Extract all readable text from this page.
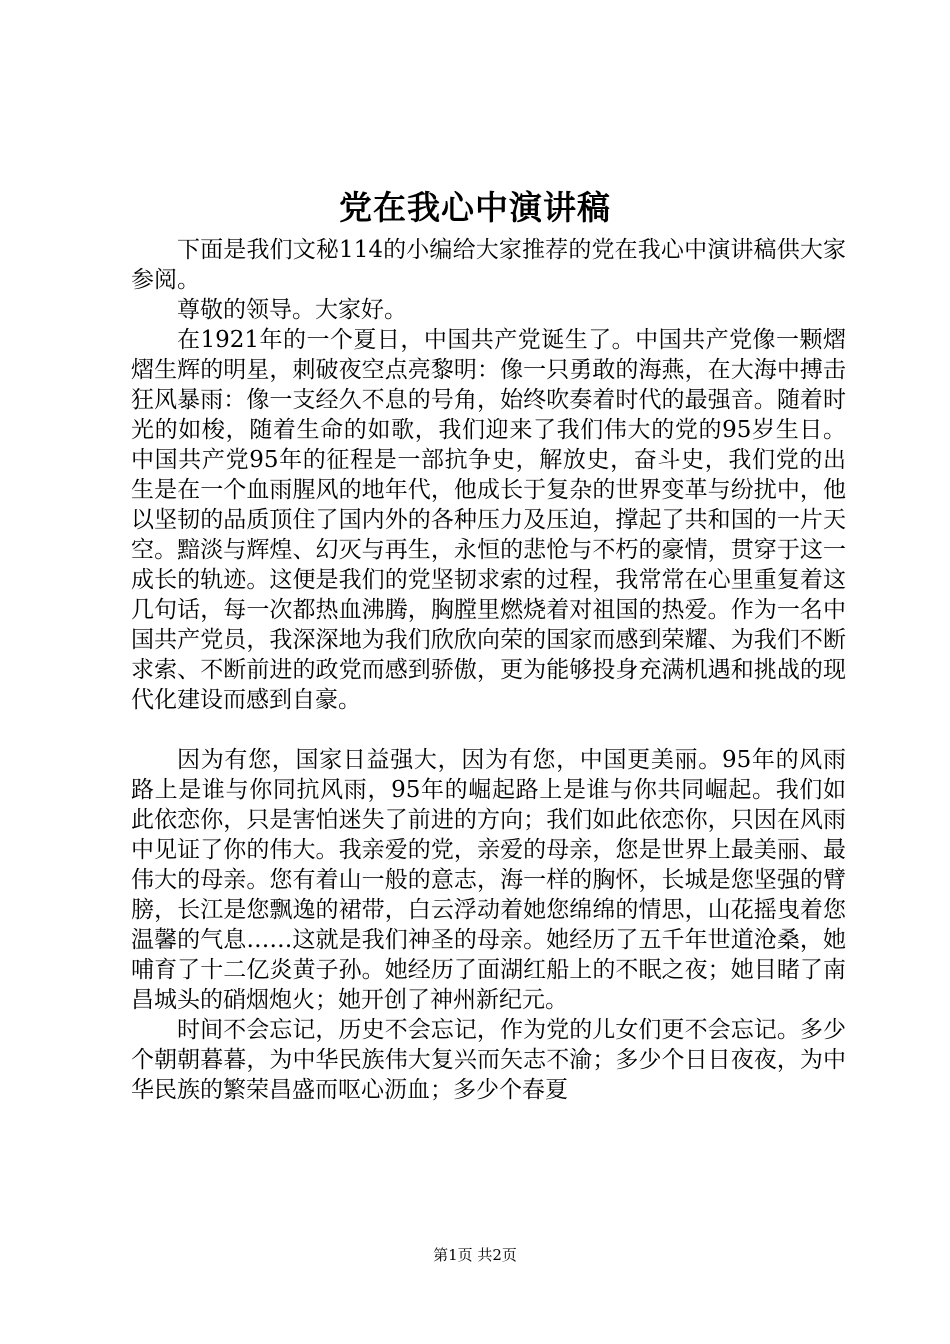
党在我心中演讲稿

下面是我们文秘114的小编给大家推荐的党在我心中演讲稿供大家参阅。

尊敬的领导。大家好。

在1921年的一个夏日，中国共产党诞生了。中国共产党像一颗熠熠生辉的明星，刺破夜空点亮黎明：像一只勇敢的海燕，在大海中搏击狂风暴雨：像一支经久不息的号角，始终吹奏着时代的最强音。随着时光的如梭，随着生命的如歌，我们迎来了我们伟大的党的95岁生日。中国共产党95年的征程是一部抗争史，解放史，奋斗史，我们党的出生是在一个血雨腥风的地年代，他成长于复杂的世界变革与纷扰中，他以坚韧的品质顶住了国内外的各种压力及压迫，撑起了共和国的一片天空。黯淡与辉煌、幻灭与再生，永恒的悲怆与不朽的豪情，贯穿于这一成长的轨迹。这便是我们的党坚韧求索的过程，我常常在心里重复着这几句话，每一次都热血沸腾，胸膛里燃烧着对祖国的热爱。作为一名中国共产党员，我深深地为我们欣欣向荣的国家而感到荣耀、为我们不断求索、不断前进的政党而感到骄傲，更为能够投身充满机遇和挑战的现代化建设而感到自豪。

因为有您，国家日益强大，因为有您，中国更美丽。95年的风雨路上是谁与你同抗风雨，95年的崛起路上是谁与你共同崛起。我们如此依恋你，只是害怕迷失了前进的方向；我们如此依恋你，只因在风雨中见证了你的伟大。我亲爱的党，亲爱的母亲，您是世界上最美丽、最伟大的母亲。您有着山一般的意志，海一样的胸怀，长城是您坚强的臂膀，长江是您飘逸的裙带，白云浮动着她您绵绵的情思，山花摇曳着您温馨的气息……这就是我们神圣的母亲。她经历了五千年世道沧桑，她哺育了十二亿炎黄子孙。她经历了面湖红船上的不眠之夜；她目睹了南昌城头的硝烟炮火；她开创了神州新纪元。

时间不会忘记，历史不会忘记，作为党的儿女们更不会忘记。多少个朝朝暮暮，为中华民族伟大复兴而矢志不渝；多少个日日夜夜，为中华民族的繁荣昌盛而呕心沥血；多少个春夏

第1页 共2页
